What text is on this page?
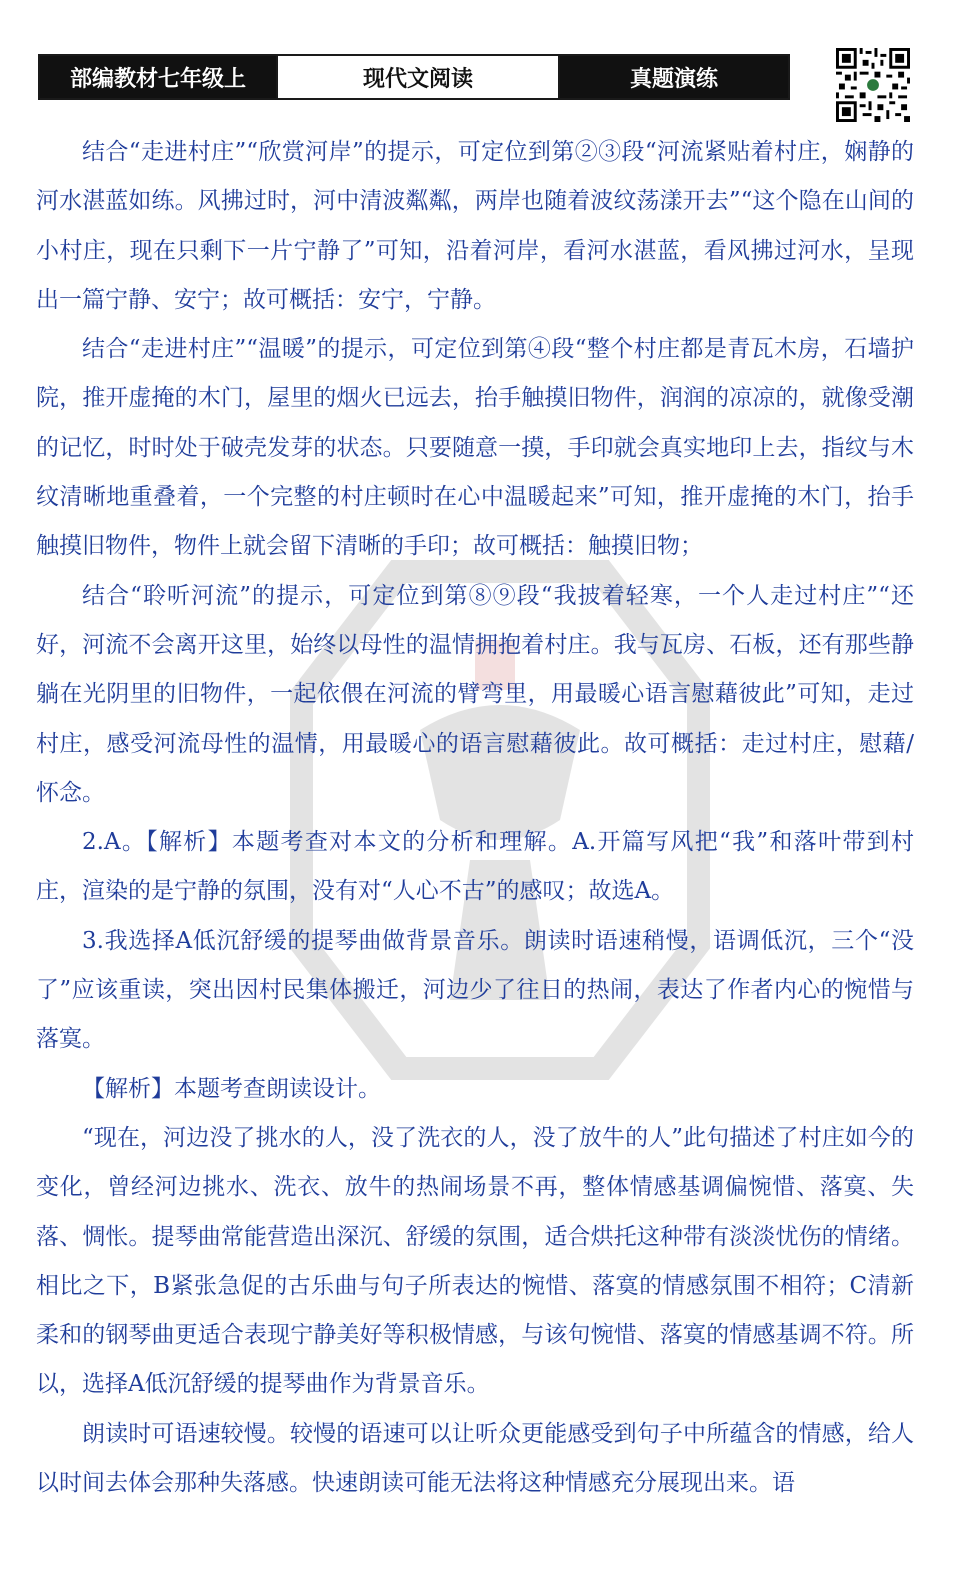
部编教材七年级上	现代文阅读	真题演练

结合“走进村庄”“欣赏河岸”的提示，可定位到第②③段“河流紧贴着村庄，娴静的河水湛蓝如练。风拂过时，河中清波粼粼，两岸也随着波纹荡漾开去”“这个隐在山间的小村庄，现在只剩下一片宁静了”可知，沿着河岸，看河水湛蓝，看风拂过河水，呈现出一篇宁静、安宁；故可概括：安宁，宁静。

结合“走进村庄”“温暖”的提示，可定位到第④段“整个村庄都是青瓦木房，石墙护院，推开虚掩的木门，屋里的烟火已远去，抬手触摸旧物件，润润的凉凉的，就像受潮的记忆，时时处于破壳发芽的状态。只要随意一摸，手印就会真实地印上去，指纹与木纹清晰地重叠着，一个完整的村庄顿时在心中温暖起来”可知，推开虚掩的木门，抬手触摸旧物件，物件上就会留下清晰的手印；故可概括：触摸旧物；

结合“聆听河流”的提示，可定位到第⑧⑨段“我披着轻寒，一个人走过村庄”“还好，河流不会离开这里，始终以母性的温情拥抱着村庄。我与瓦房、石板，还有那些静躺在光阴里的旧物件，一起依偎在河流的臂弯里，用最暖心语言慰藉彼此”可知，走过村庄，感受河流母性的温情，用最暖心的语言慰藉彼此。故可概括：走过村庄，慰藉/怀念。

2.A。【解析】本题考查对本文的分析和理解。A.开篇写风把“我”和落叶带到村庄，渲染的是宁静的氛围，没有对“人心不古”的感叹；故选A。

3.我选择A低沉舒缓的提琴曲做背景音乐。朗读时语速稍慢，语调低沉，三个“没了”应该重读，突出因村民集体搬迁，河边少了往日的热闹，表达了作者内心的惋惜与落寞。

【解析】本题考查朗读设计。

“现在，河边没了挑水的人，没了洗衣的人，没了放牛的人”此句描述了村庄如今的变化，曾经河边挑水、洗衣、放牛的热闹场景不再，整体情感基调偏惋惜、落寞、失落、惆怅。提琴曲常能营造出深沉、舒缓的氛围，适合烘托这种带有淡淡忧伤的情绪。相比之下，B紧张急促的古乐曲与句子所表达的惋惜、落寞的情感氛围不相符；C清新柔和的钢琴曲更适合表现宁静美好等积极情感，与该句惋惜、落寞的情感基调不符。所以，选择A低沉舒缓的提琴曲作为背景音乐。

朗读时可语速较慢。较慢的语速可以让听众更能感受到句子中所蕴含的情感，给人以时间去体会那种失落感。快速朗读可能无法将这种情感充分展现出来。语
